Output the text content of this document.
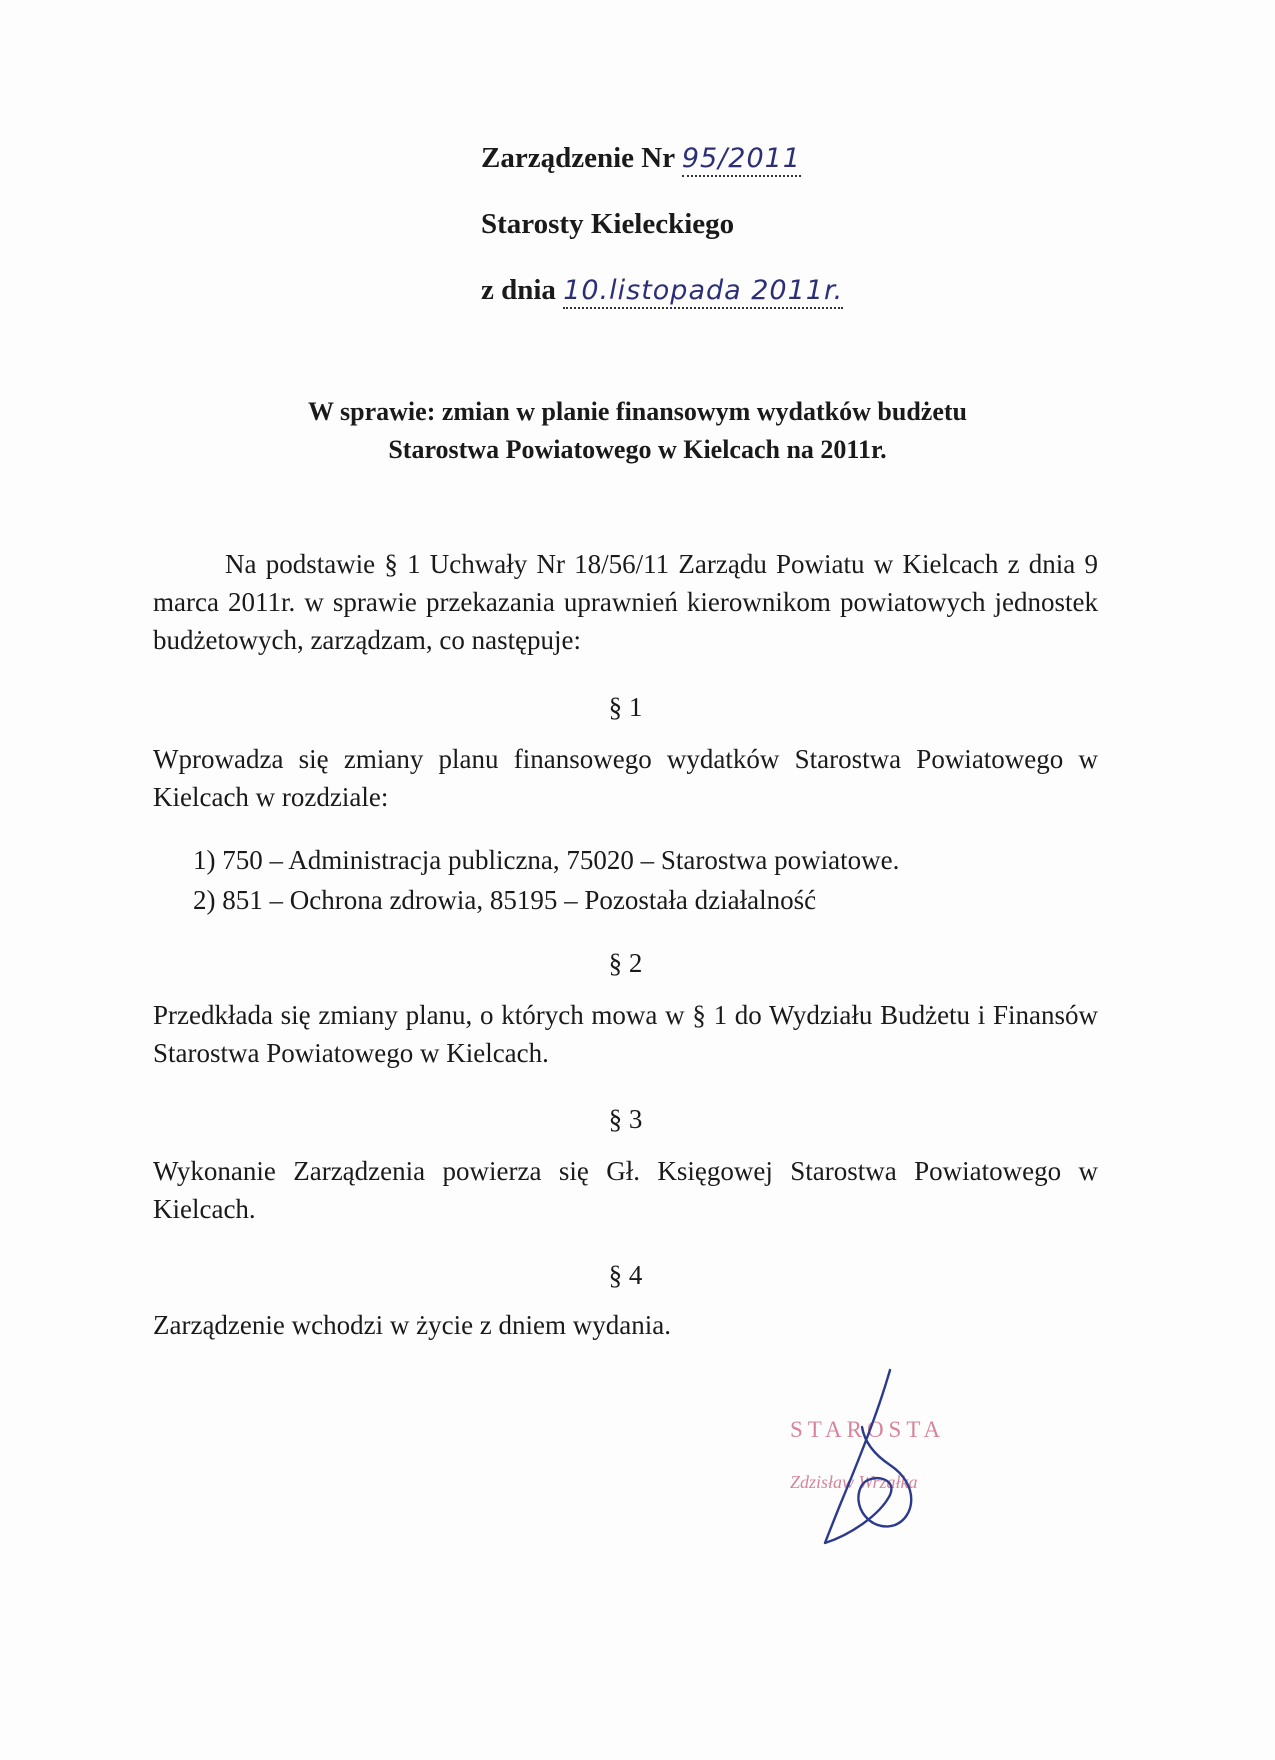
Zarządzenie Nr 95/2011
Starosty Kieleckiego
z dnia 10.listopada 2011r.
W sprawie: zmian w planie finansowym wydatków budżetu
Starostwa Powiatowego w Kielcach na 2011r.
Na podstawie § 1 Uchwały Nr 18/56/11 Zarządu Powiatu w Kielcach z dnia 9 marca 2011r. w sprawie przekazania uprawnień kierownikom powiatowych jednostek budżetowych, zarządzam, co następuje:
§ 1
Wprowadza się zmiany planu finansowego wydatków Starostwa Powiatowego w Kielcach w rozdziale:
1) 750 – Administracja publiczna, 75020 – Starostwa powiatowe.
2) 851 – Ochrona zdrowia, 85195 – Pozostała działalność
§ 2
Przedkłada się zmiany planu, o których mowa w § 1 do Wydziału Budżetu i Finansów Starostwa Powiatowego w Kielcach.
§ 3
Wykonanie Zarządzenia powierza się Gł. Księgowej Starostwa Powiatowego w Kielcach.
§ 4
Zarządzenie wchodzi w życie z dniem wydania.
STAROSTA
Zdzisław Wrzałka
